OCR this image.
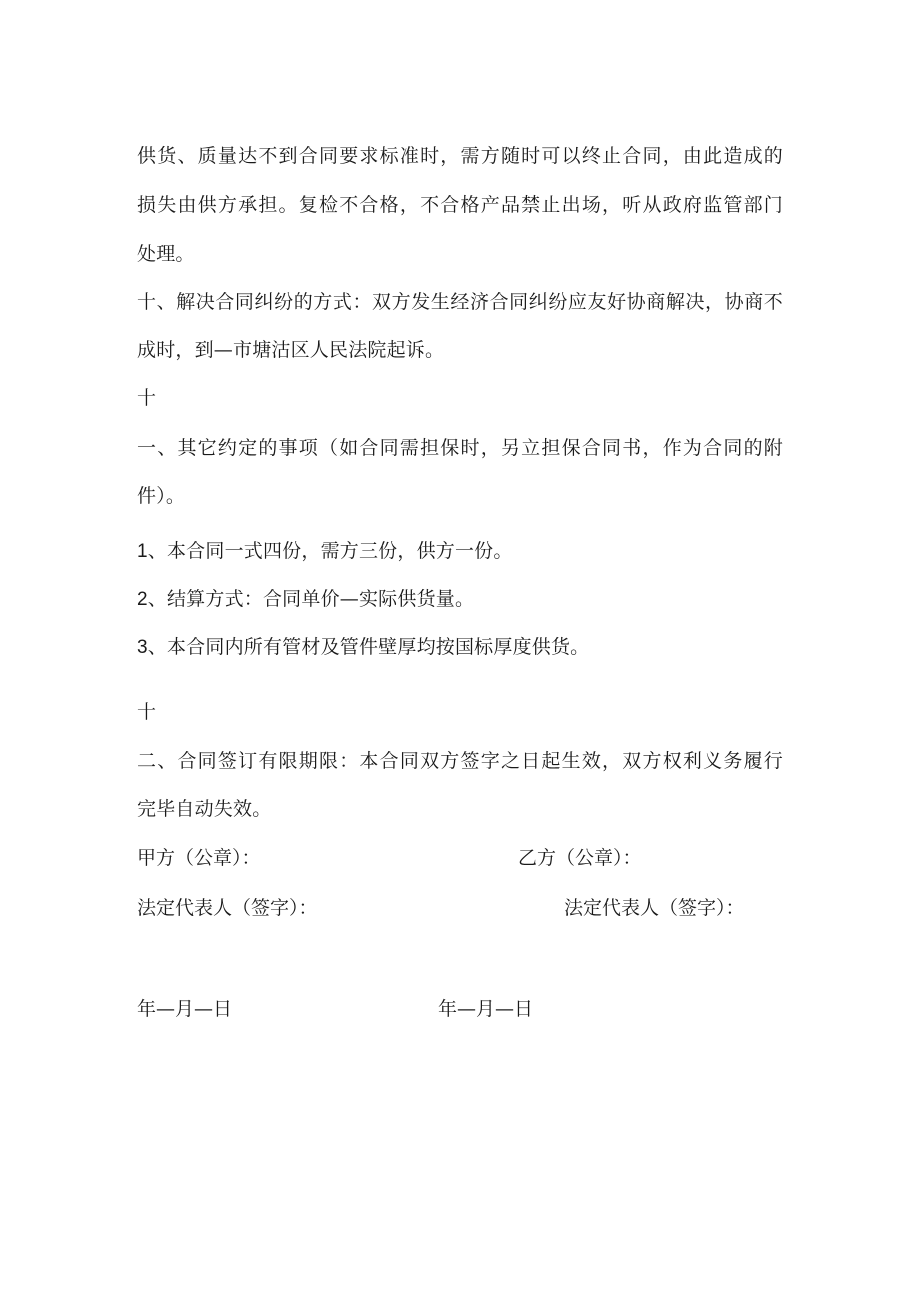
供货、质量达不到合同要求标准时，需方随时可以终止合同，由此造成的
损失由供方承担。复检不合格，不合格产品禁止出场，听从政府监管部门
处理。
十、解决合同纠纷的方式：双方发生经济合同纠纷应友好协商解决，协商不
成时，到—市塘沽区人民法院起诉。
十
一、其它约定的事项（如合同需担保时，另立担保合同书，作为合同的附
件）。
1、本合同一式四份，需方三份，供方一份。
2、结算方式：合同单价—实际供货量。
3、本合同内所有管材及管件壁厚均按国标厚度供货。
十
二、合同签订有限期限：本合同双方签字之日起生效，双方权利义务履行
完毕自动失效。
甲方（公章）：	乙方（公章）：
法定代表人（签字）：	法定代表人（签字）：
年—月—日	年—月—日
